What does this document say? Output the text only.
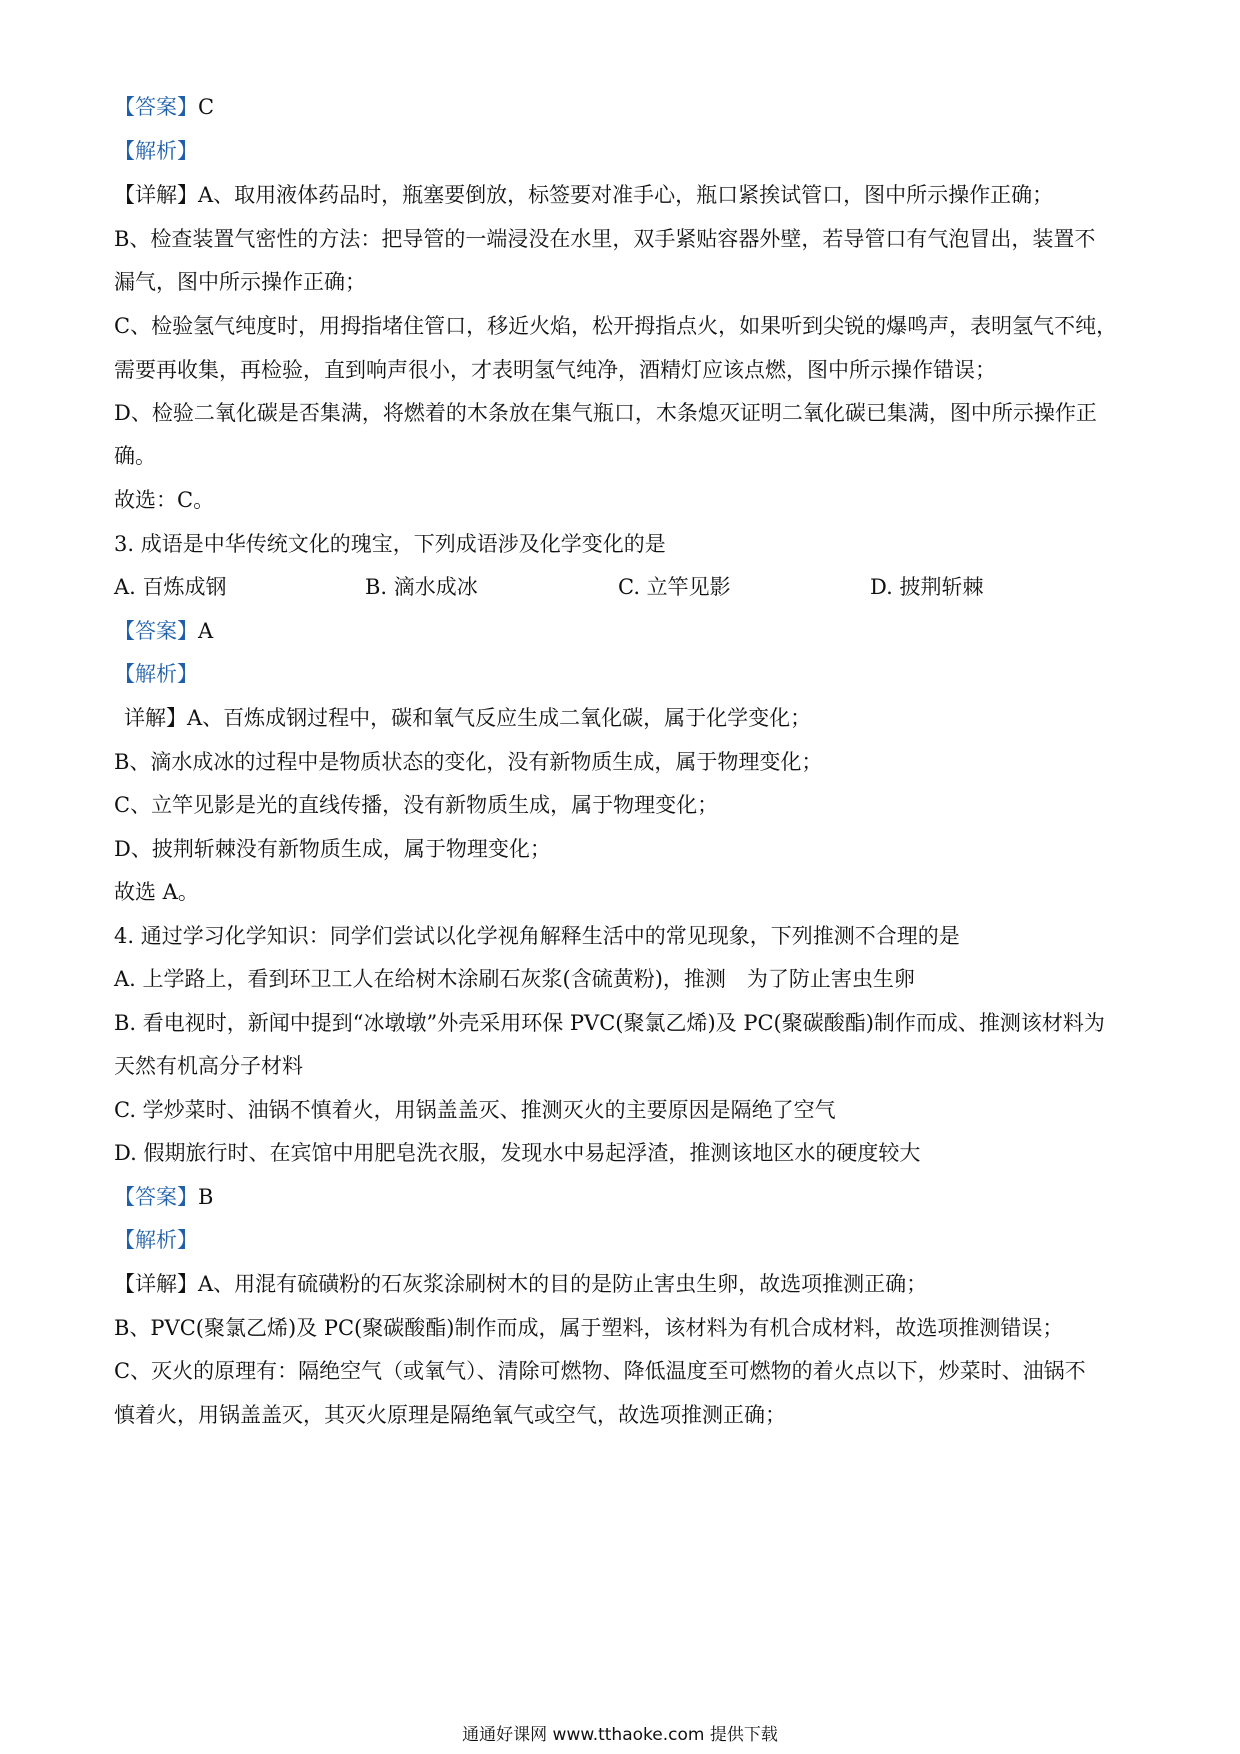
【答案】C
【解析】
【详解】A、取用液体药品时，瓶塞要倒放，标签要对准手心，瓶口紧挨试管口，图中所示操作正确；
B、检查装置气密性的方法：把导管的一端浸没在水里，双手紧贴容器外壁，若导管口有气泡冒出，装置不
漏气，图中所示操作正确；
C、检验氢气纯度时，用拇指堵住管口，移近火焰，松开拇指点火，如果听到尖锐的爆鸣声，表明氢气不纯，
需要再收集，再检验，直到响声很小，才表明氢气纯净，酒精灯应该点燃，图中所示操作错误；
D、检验二氧化碳是否集满，将燃着的木条放在集气瓶口，木条熄灭证明二氧化碳已集满，图中所示操作正
确。
故选：C。
3. 成语是中华传统文化的瑰宝，下列成语涉及化学变化的是
A. 百炼成钢	B. 滴水成冰	C. 立竿见影	D. 披荆斩棘
【答案】A
【解析】
详解】A、百炼成钢过程中，碳和氧气反应生成二氧化碳，属于化学变化；
B、滴水成冰的过程中是物质状态的变化，没有新物质生成，属于物理变化；
C、立竿见影是光的直线传播，没有新物质生成，属于物理变化；
D、披荆斩棘没有新物质生成，属于物理变化；
故选 A。
4. 通过学习化学知识：同学们尝试以化学视角解释生活中的常见现象，下列推测不合理的是
A. 上学路上，看到环卫工人在给树木涂刷石灰浆(含硫黄粉)，推测　为了防止害虫生卵
B. 看电视时，新闻中提到“冰墩墩”外壳采用环保 PVC(聚氯乙烯)及 PC(聚碳酸酯)制作而成、推测该材料为
天然有机高分子材料
C. 学炒菜时、油锅不慎着火，用锅盖盖灭、推测灭火的主要原因是隔绝了空气
D. 假期旅行时、在宾馆中用肥皂洗衣服，发现水中易起浮渣，推测该地区水的硬度较大
【答案】B
【解析】
【详解】A、用混有硫磺粉的石灰浆涂刷树木的目的是防止害虫生卵，故选项推测正确；
B、PVC(聚氯乙烯)及 PC(聚碳酸酯)制作而成，属于塑料，该材料为有机合成材料，故选项推测错误；
C、灭火的原理有：隔绝空气（或氧气）、清除可燃物、降低温度至可燃物的着火点以下，炒菜时、油锅不
慎着火，用锅盖盖灭，其灭火原理是隔绝氧气或空气，故选项推测正确；
通通好课网 www.tthaoke.com 提供下载
